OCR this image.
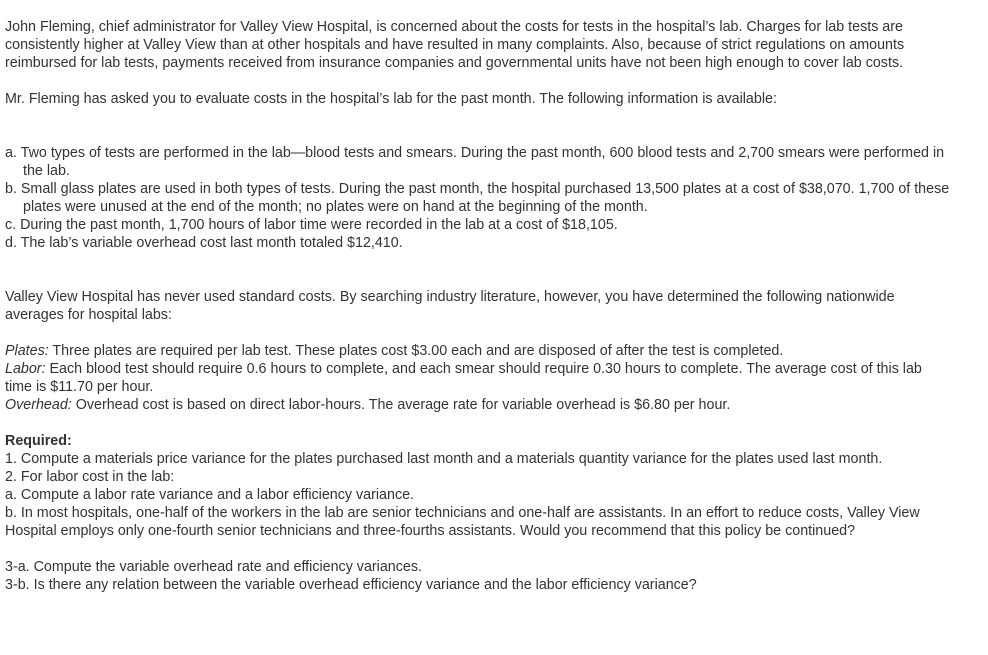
John Fleming, chief administrator for Valley View Hospital, is concerned about the costs for tests in the hospital’s lab. Charges for lab tests are consistently higher at Valley View than at other hospitals and have resulted in many complaints. Also, because of strict regulations on amounts reimbursed for lab tests, payments received from insurance companies and governmental units have not been high enough to cover lab costs.

Mr. Fleming has asked you to evaluate costs in the hospital’s lab for the past month. The following information is available:

a. Two types of tests are performed in the lab—blood tests and smears. During the past month, 600 blood tests and 2,700 smears were performed in the lab.
b. Small glass plates are used in both types of tests. During the past month, the hospital purchased 13,500 plates at a cost of $38,070. 1,700 of these plates were unused at the end of the month; no plates were on hand at the beginning of the month.
c. During the past month, 1,700 hours of labor time were recorded in the lab at a cost of $18,105.
d. The lab’s variable overhead cost last month totaled $12,410.

Valley View Hospital has never used standard costs. By searching industry literature, however, you have determined the following nationwide averages for hospital labs:

Plates: Three plates are required per lab test. These plates cost $3.00 each and are disposed of after the test is completed.
Labor: Each blood test should require 0.6 hours to complete, and each smear should require 0.30 hours to complete. The average cost of this lab time is $11.70 per hour.
Overhead: Overhead cost is based on direct labor-hours. The average rate for variable overhead is $6.80 per hour.
Required:
1. Compute a materials price variance for the plates purchased last month and a materials quantity variance for the plates used last month.
2. For labor cost in the lab:
a. Compute a labor rate variance and a labor efficiency variance.
b. In most hospitals, one-half of the workers in the lab are senior technicians and one-half are assistants. In an effort to reduce costs, Valley View Hospital employs only one-fourth senior technicians and three-fourths assistants. Would you recommend that this policy be continued?
3-a. Compute the variable overhead rate and efficiency variances.
3-b. Is there any relation between the variable overhead efficiency variance and the labor efficiency variance?
